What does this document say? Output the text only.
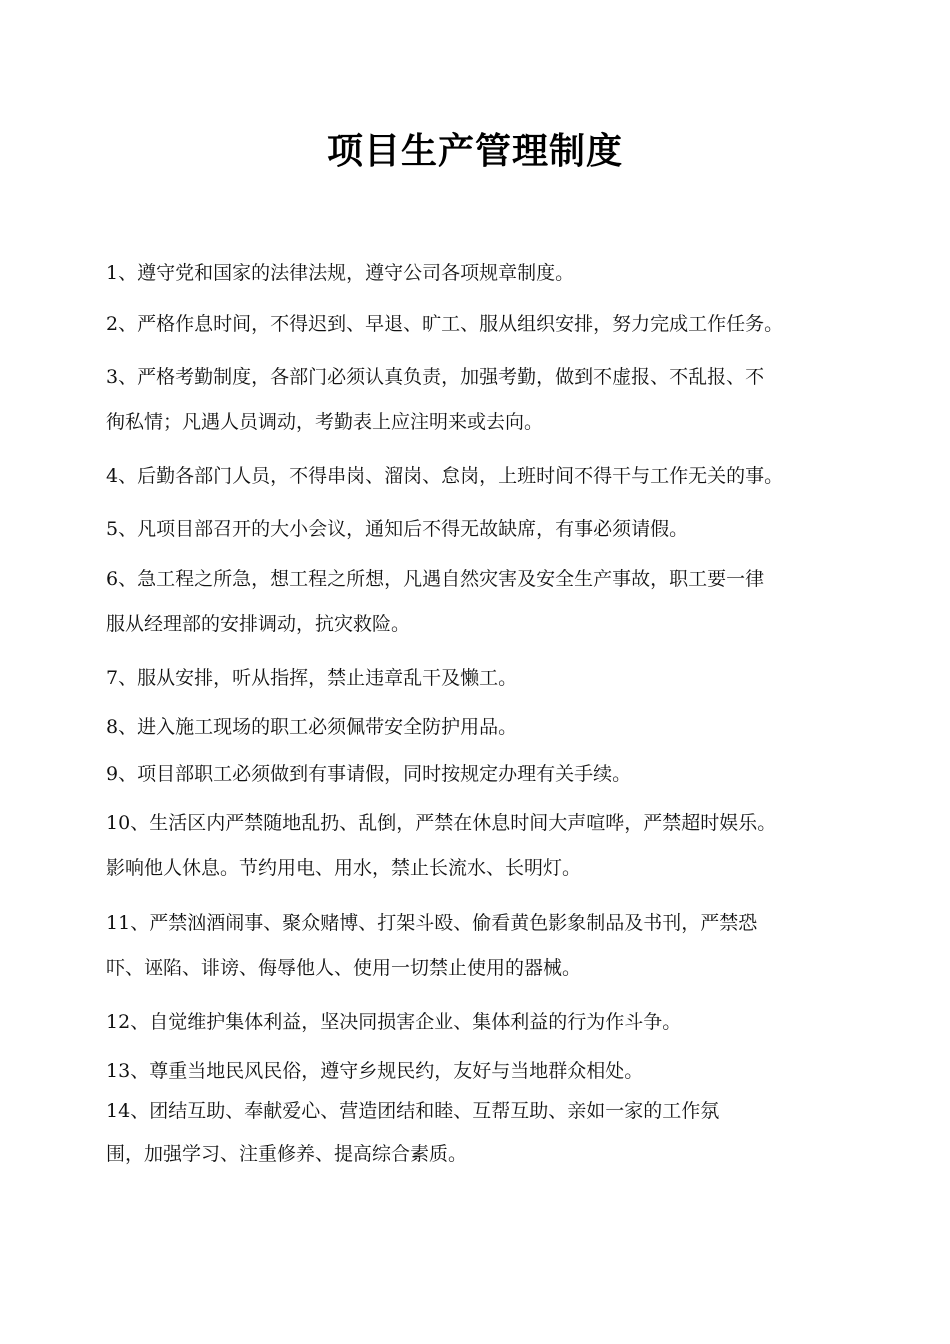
项目生产管理制度
1、遵守党和国家的法律法规，遵守公司各项规章制度。
2、严格作息时间，不得迟到、早退、旷工、服从组织安排，努力完成工作任务。
3、严格考勤制度，各部门必须认真负责，加强考勤，做到不虚报、不乱报、不
徇私情；凡遇人员调动，考勤表上应注明来或去向。
4、后勤各部门人员，不得串岗、溜岗、怠岗，上班时间不得干与工作无关的事。
5、凡项目部召开的大小会议，通知后不得无故缺席，有事必须请假。
6、急工程之所急，想工程之所想，凡遇自然灾害及安全生产事故，职工要一律
服从经理部的安排调动，抗灾救险。
7、服从安排，听从指挥，禁止违章乱干及懒工。
8、进入施工现场的职工必须佩带安全防护用品。
9、项目部职工必须做到有事请假，同时按规定办理有关手续。
10、生活区内严禁随地乱扔、乱倒，严禁在休息时间大声喧哗，严禁超时娱乐。
影响他人休息。节约用电、用水，禁止长流水、长明灯。
11、严禁汹酒闹事、聚众赌博、打架斗殴、偷看黄色影象制品及书刊，严禁恐
吓、诬陷、诽谤、侮辱他人、使用一切禁止使用的器械。
12、自觉维护集体利益，坚决同损害企业、集体利益的行为作斗争。
13、尊重当地民风民俗，遵守乡规民约，友好与当地群众相处。
14、团结互助、奉献爱心、营造团结和睦、互帮互助、亲如一家的工作氛
围，加强学习、注重修养、提高综合素质。
